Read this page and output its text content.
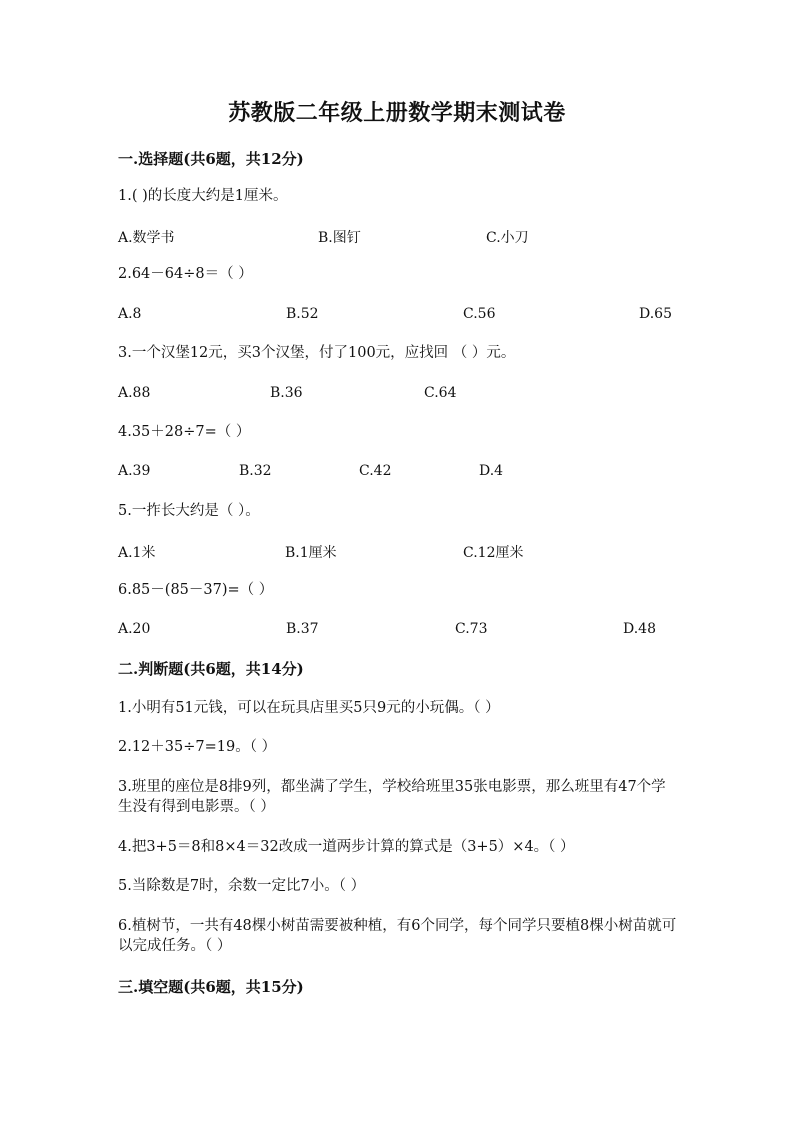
苏教版二年级上册数学期末测试卷
一.选择题(共6题，共12分)
1.( )的长度大约是1厘米。
A.数学书	B.图钉	C.小刀
2.64－64÷8＝（ ）
A.8	B.52	C.56	D.65
3.一个汉堡12元，买3个汉堡，付了100元，应找回 （ ）元。
A.88	B.36	C.64
4.35＋28÷7=（ ）
A.39	B.32	C.42	D.4
5.一拃长大约是（ ）。
A.1米	B.1厘米	C.12厘米
6.85－(85－37)=（ ）
A.20	B.37	C.73	D.48
二.判断题(共6题，共14分)
1.小明有51元钱，可以在玩具店里买5只9元的小玩偶。（ ）
2.12＋35÷7=19。（ ）
3.班里的座位是8排9列，都坐满了学生，学校给班里35张电影票，那么班里有47个学生没有得到电影票。（ ）
4.把3+5＝8和8×4＝32改成一道两步计算的算式是（3+5）×4。（ ）
5.当除数是7时，余数一定比7小。（ ）
6.植树节，一共有48棵小树苗需要被种植，有6个同学，每个同学只要植8棵小树苗就可以完成任务。（ ）
三.填空题(共6题，共15分)
